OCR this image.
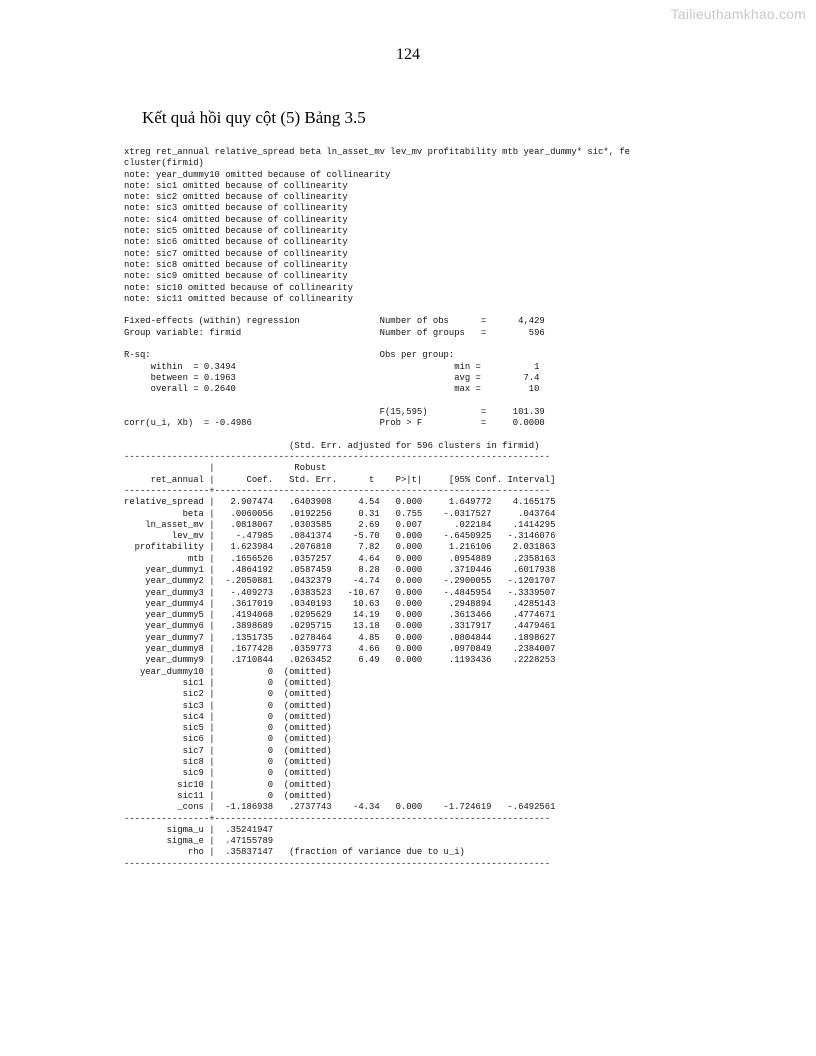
Tailieuthamkhao.com
124
Kết quả hồi quy cột (5) Bảng 3.5
xtreg ret_annual relative_spread beta ln_asset_mv lev_mv profitability mtb year_dummy* sic*, fe
cluster(firmid)
note: year_dummy10 omitted because of collinearity
note: sic1 omitted because of collinearity
note: sic2 omitted because of collinearity
note: sic3 omitted because of collinearity
note: sic4 omitted because of collinearity
note: sic5 omitted because of collinearity
note: sic6 omitted because of collinearity
note: sic7 omitted because of collinearity
note: sic8 omitted because of collinearity
note: sic9 omitted because of collinearity
note: sic10 omitted because of collinearity
note: sic11 omitted because of collinearity

Fixed-effects (within) regression               Number of obs      =      4,429
Group variable: firmid                          Number of groups   =        596

R-sq:                                           Obs per group:
within  = 0.3494                                         min =          1
between = 0.1963                                         avg =        7.4
overall = 0.2640                                         max =         10

F(15,595)          =     101.39
corr(u_i, Xb)  = -0.4986                        Prob > F           =     0.0000

(Std. Err. adjusted for 596 clusters in firmid)
--------------------------------------------------------------------------------
|               Robust
ret_annual |      Coef.   Std. Err.      t    P>|t|     [95% Conf. Interval]
----------------+---------------------------------------------------------------
relative_spread |   2.907474   .6403908     4.54   0.000     1.649772    4.165175
beta |   .0060056   .0192256     0.31   0.755    -.0317527     .043764
ln_asset_mv |   .0818067   .0303585     2.69   0.007      .022184    .1414295
lev_mv |    -.47985   .0841374    -5.70   0.000    -.6450925   -.3146076
profitability |   1.623984   .2076818     7.82   0.000     1.216106    2.031863
mtb |   .1656526   .0357257     4.64   0.000     .0954889    .2358163
year_dummy1 |   .4864192   .0587459     8.28   0.000     .3710446    .6017938
year_dummy2 |  -.2050881   .0432379    -4.74   0.000    -.2900055   -.1201707
year_dummy3 |   -.409273   .0383523   -10.67   0.000    -.4845954   -.3339507
year_dummy4 |   .3617019   .0340193    10.63   0.000     .2948894    .4285143
year_dummy5 |   .4194068   .0295629    14.19   0.000     .3613466    .4774671
year_dummy6 |   .3898689   .0295715    13.18   0.000     .3317917    .4479461
year_dummy7 |   .1351735   .0278464     4.85   0.000     .0804844    .1898627
year_dummy8 |   .1677428   .0359773     4.66   0.000     .0970849    .2384007
year_dummy9 |   .1710844   .0263452     6.49   0.000     .1193436    .2228253
year_dummy10 |          0  (omitted)
sic1 |          0  (omitted)
sic2 |          0  (omitted)
sic3 |          0  (omitted)
sic4 |          0  (omitted)
sic5 |          0  (omitted)
sic6 |          0  (omitted)
sic7 |          0  (omitted)
sic8 |          0  (omitted)
sic9 |          0  (omitted)
sic10 |          0  (omitted)
sic11 |          0  (omitted)
_cons |  -1.186938   .2737743    -4.34   0.000    -1.724619   -.6492561
----------------+---------------------------------------------------------------
sigma_u |  .35241947
sigma_e |  .47155789
rho |  .35837147   (fraction of variance due to u_i)
--------------------------------------------------------------------------------
